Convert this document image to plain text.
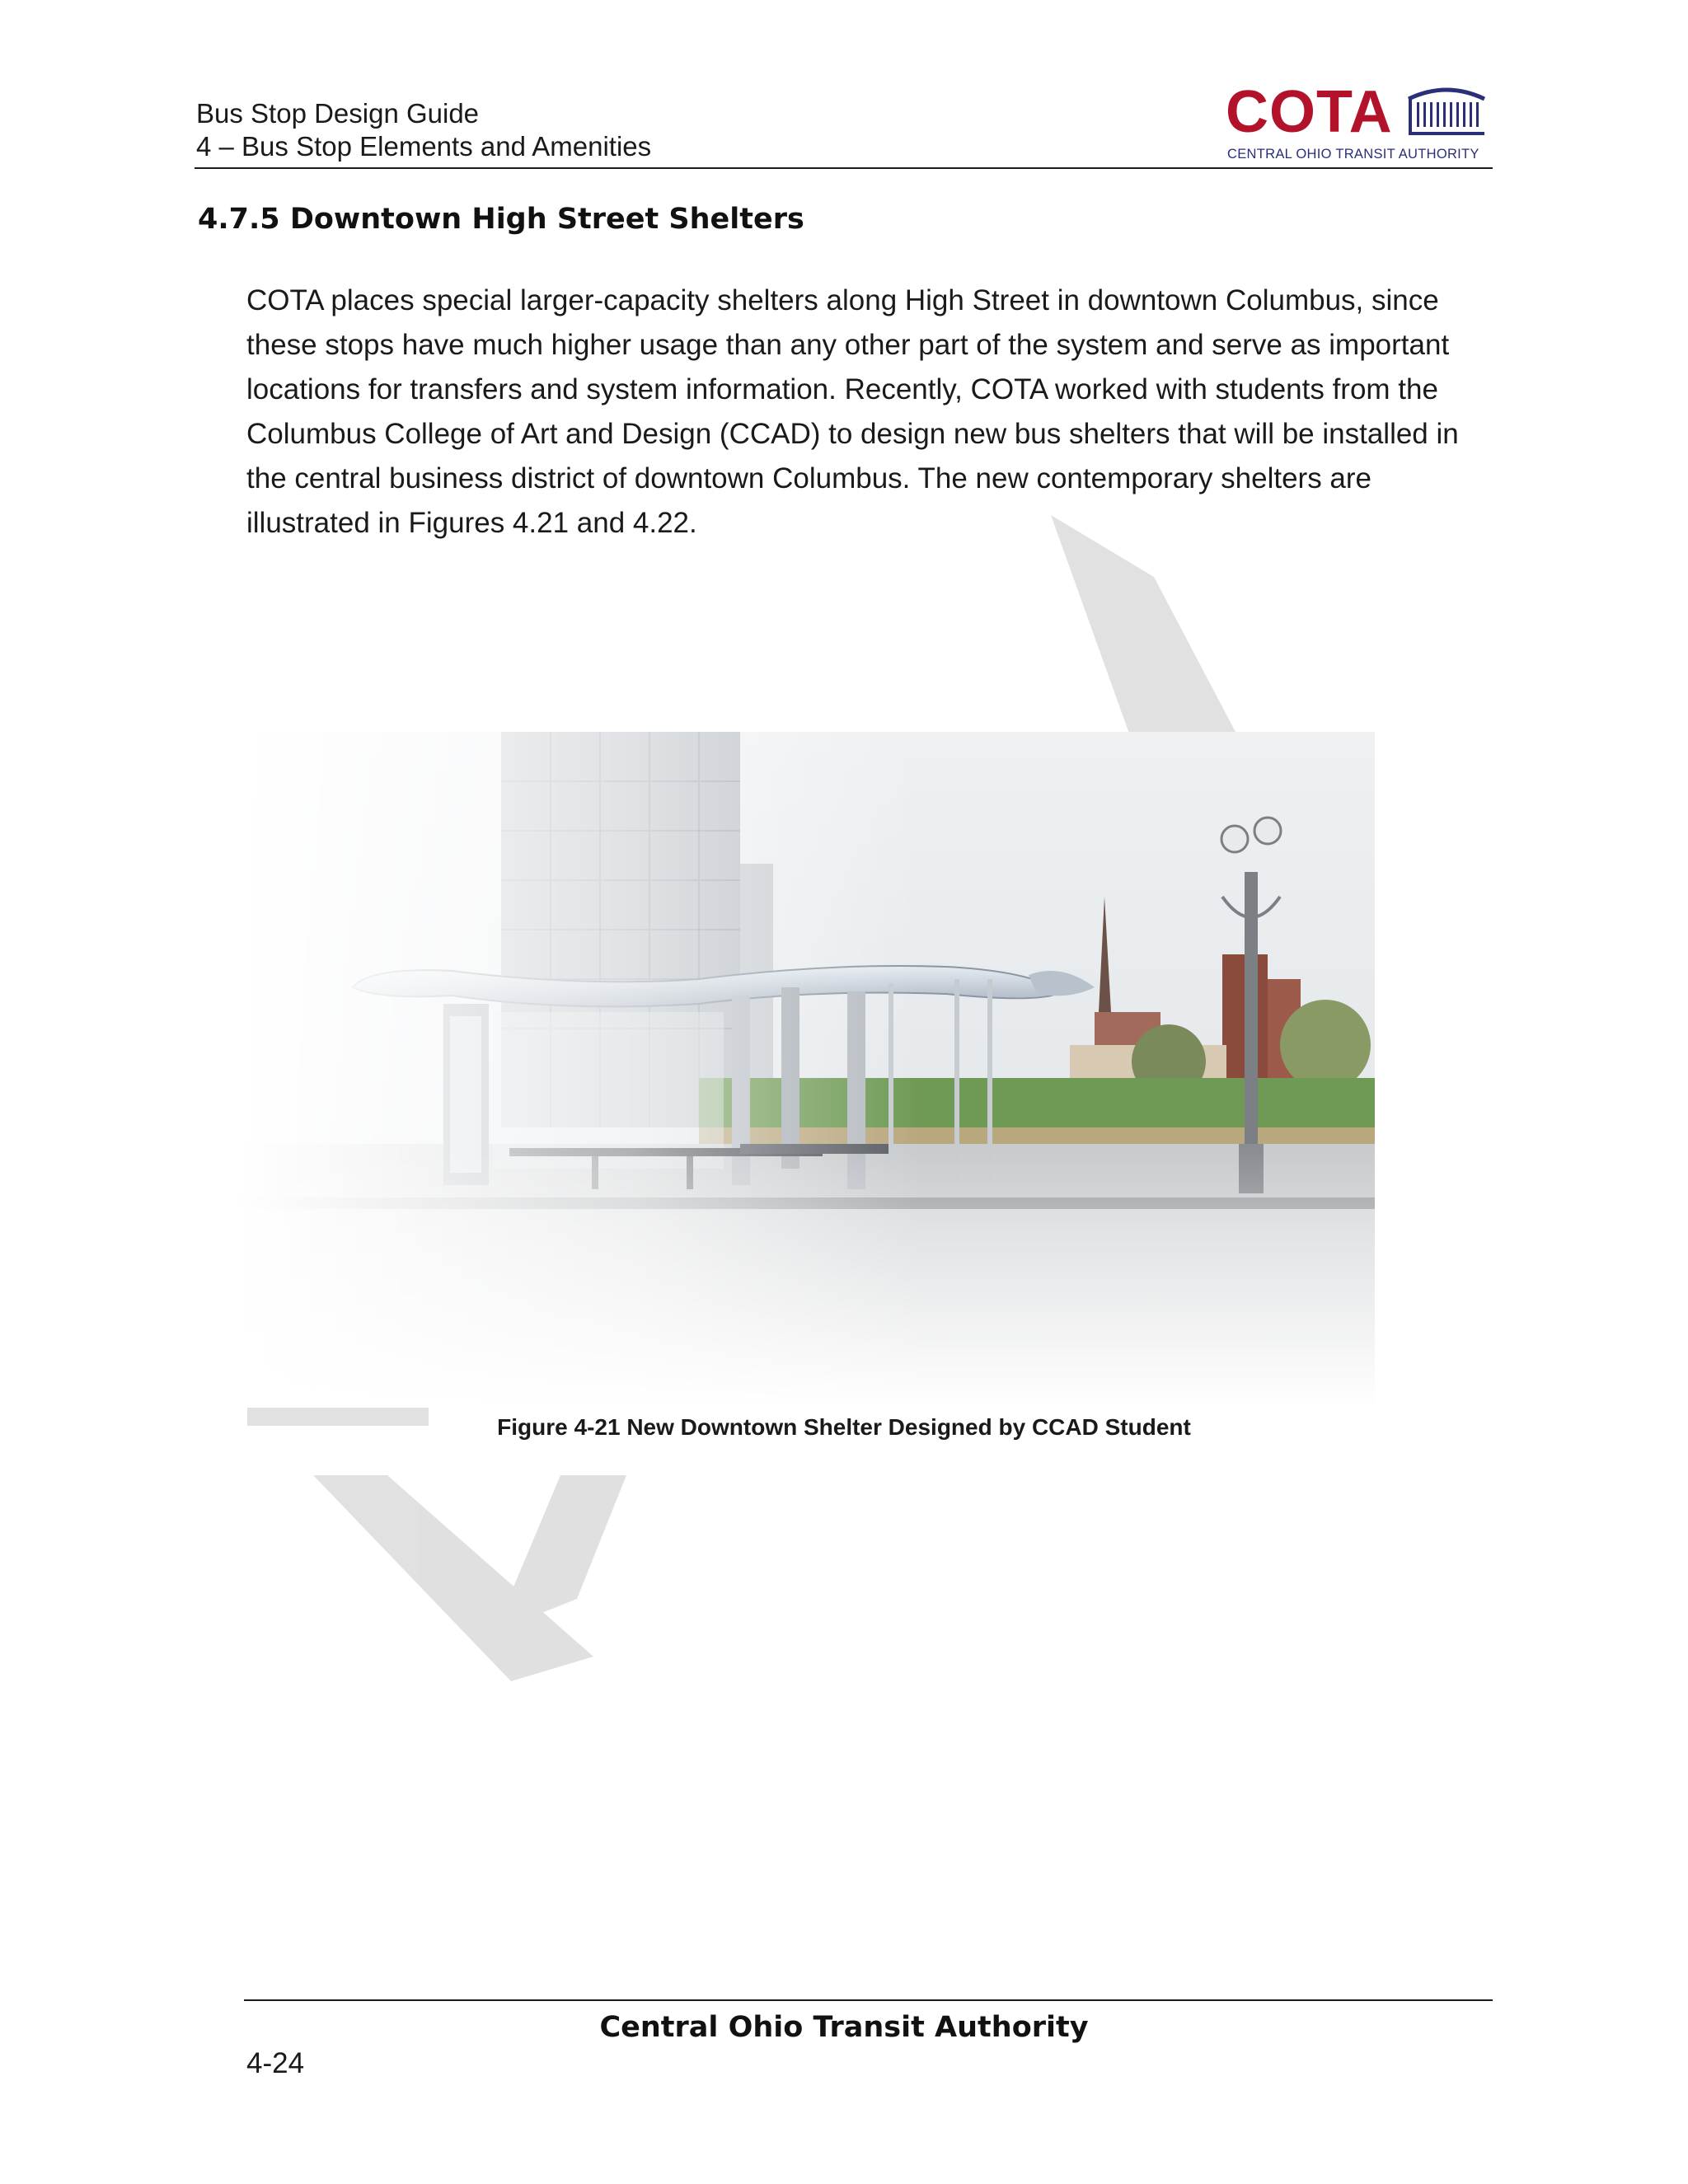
Bus Stop Design Guide
4 – Bus Stop Elements and Amenities
COTA
CENTRAL OHIO TRANSIT AUTHORITY
4.7.5 Downtown High Street Shelters
COTA places special larger-capacity shelters along High Street in downtown Columbus, since these stops have much higher usage than any other part of the system and serve as important locations for transfers and system information. Recently, COTA worked with students from the Columbus College of Art and Design (CCAD) to design new bus shelters that will be installed in the central business district of downtown Columbus. The new contemporary shelters are illustrated in Figures 4.21 and 4.22.
Figure 4-21 New Downtown Shelter Designed by CCAD Student
Central Ohio Transit Authority
4-24
